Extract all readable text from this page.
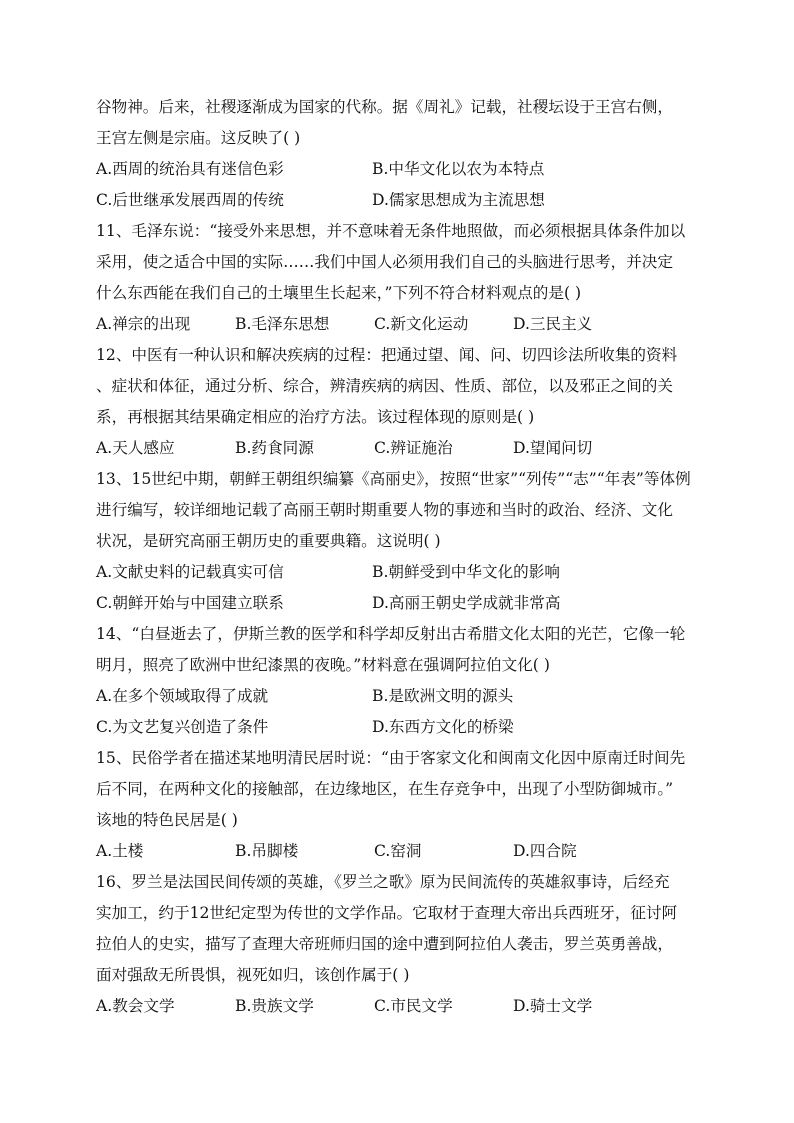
谷物神。后来，社稷逐渐成为国家的代称。据《周礼》记载，社稷坛设于王宫右侧，
王宫左侧是宗庙。这反映了( )
A.西周的统治具有迷信色彩	B.中华文化以农为本特点
C.后世继承发展西周的传统	D.儒家思想成为主流思想
11、毛泽东说：“接受外来思想，并不意味着无条件地照做，而必须根据具体条件加以
采用，使之适合中国的实际……我们中国人必须用我们自己的头脑进行思考，并决定
什么东西能在我们自己的土壤里生长起来，”下列不符合材料观点的是( )
A.禅宗的出现	B.毛泽东思想	C.新文化运动	D.三民主义
12、中医有一种认识和解决疾病的过程：把通过望、闻、问、切四诊法所收集的资料
、症状和体征，通过分析、综合，辨清疾病的病因、性质、部位，以及邪正之间的关
系，再根据其结果确定相应的治疗方法。该过程体现的原则是( )
A.天人感应	B.药食同源	C.辨证施治	D.望闻问切
13、15世纪中期，朝鲜王朝组织编纂《高丽史》，按照“世家”“列传”“志”“年表”等体例
进行编写，较详细地记载了高丽王朝时期重要人物的事迹和当时的政治、经济、文化
状况，是研究高丽王朝历史的重要典籍。这说明( )
A.文献史料的记载真实可信	B.朝鲜受到中华文化的影响
C.朝鲜开始与中国建立联系	D.高丽王朝史学成就非常高
14、“白昼逝去了，伊斯兰教的医学和科学却反射出古希腊文化太阳的光芒，它像一轮
明月，照亮了欧洲中世纪漆黑的夜晚。”材料意在强调阿拉伯文化( )
A.在多个领域取得了成就	B.是欧洲文明的源头
C.为文艺复兴创造了条件	D.东西方文化的桥梁
15、民俗学者在描述某地明清民居时说：“由于客家文化和闽南文化因中原南迁时间先
后不同，在两种文化的接触部，在边缘地区，在生存竞争中，出现了小型防御城市。”
该地的特色民居是( )
A.土楼	B.吊脚楼	C.窑洞	D.四合院
16、罗兰是法国民间传颂的英雄，《罗兰之歌》原为民间流传的英雄叙事诗，后经充
实加工，约于12世纪定型为传世的文学作品。它取材于查理大帝出兵西班牙，征讨阿
拉伯人的史实，描写了查理大帝班师归国的途中遭到阿拉伯人袭击，罗兰英勇善战，
面对强敌无所畏惧，视死如归，该创作属于( )
A.教会文学	B.贵族文学	C.市民文学	D.骑士文学
